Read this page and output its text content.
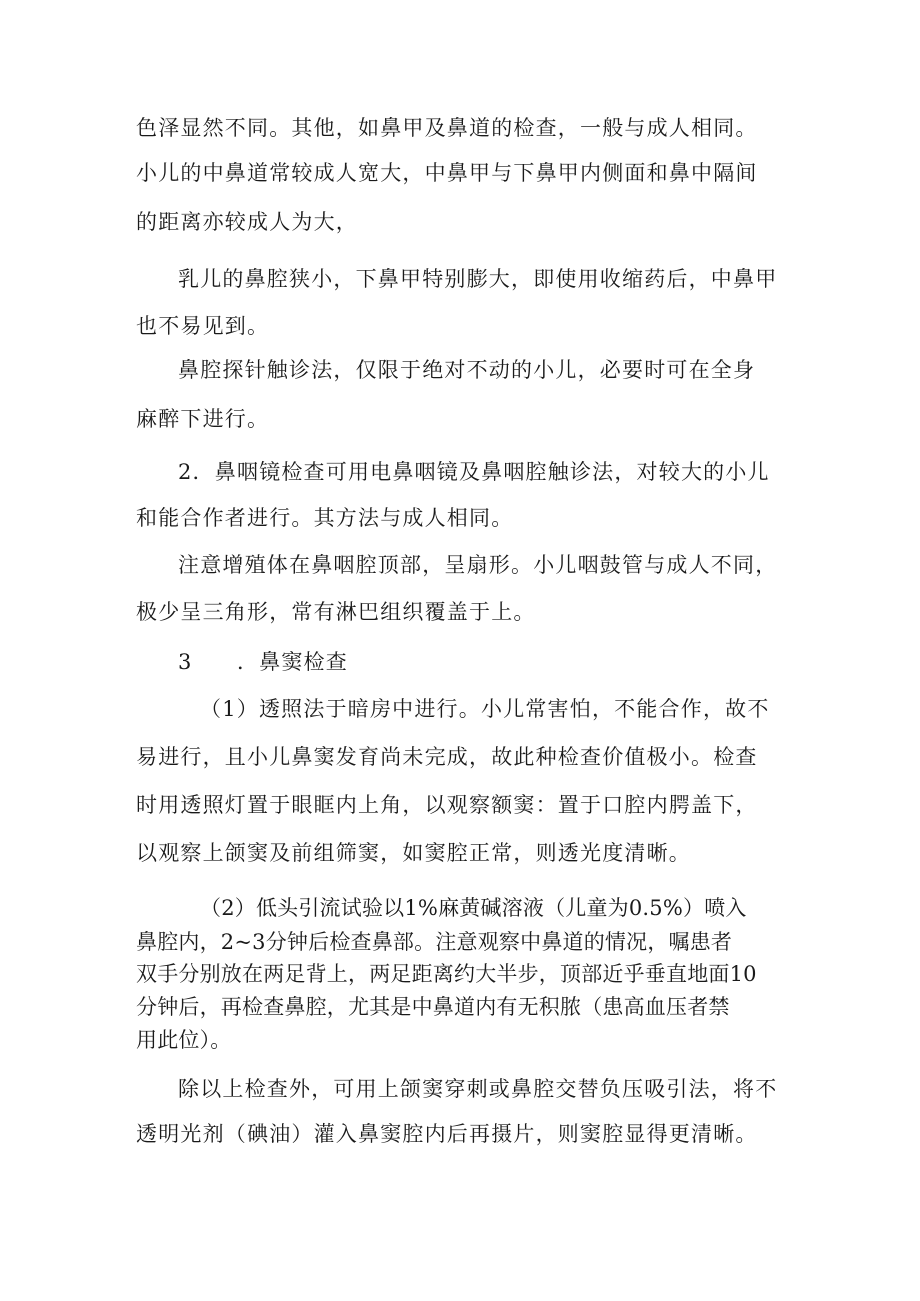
色泽显然不同。其他，如鼻甲及鼻道的检查，一般与成人相同。
小儿的中鼻道常较成人宽大，中鼻甲与下鼻甲内侧面和鼻中隔间
的距离亦较成人为大，
乳儿的鼻腔狭小，下鼻甲特别膨大，即使用收缩药后，中鼻甲
也不易见到。
鼻腔探针触诊法，仅限于绝对不动的小儿，必要时可在全身
麻醉下进行。
2．鼻咽镜检查可用电鼻咽镜及鼻咽腔触诊法，对较大的小儿
和能合作者进行。其方法与成人相同。
注意增殖体在鼻咽腔顶部，呈扇形。小儿咽鼓管与成人不同，
极少呈三角形，常有淋巴组织覆盖于上。
3　　．鼻窦检查
（1）透照法于暗房中进行。小儿常害怕，不能合作，故不
易进行，且小儿鼻窦发育尚未完成，故此种检查价值极小。检查
时用透照灯置于眼眶内上角，以观察额窦：置于口腔内腭盖下，
以观察上颌窦及前组筛窦，如窦腔正常，则透光度清晰。
（2）低头引流试验以1%麻黄碱溶液（儿童为0.5%）喷入
鼻腔内，2~3分钟后检查鼻部。注意观察中鼻道的情况，嘱患者
双手分别放在两足背上，两足距离约大半步，顶部近乎垂直地面10
分钟后，再检查鼻腔，尤其是中鼻道内有无积脓（患高血压者禁
用此位）。
除以上检查外，可用上颌窦穿刺或鼻腔交替负压吸引法，将不
透明光剂（碘油）灌入鼻窦腔内后再摄片，则窦腔显得更清晰。
